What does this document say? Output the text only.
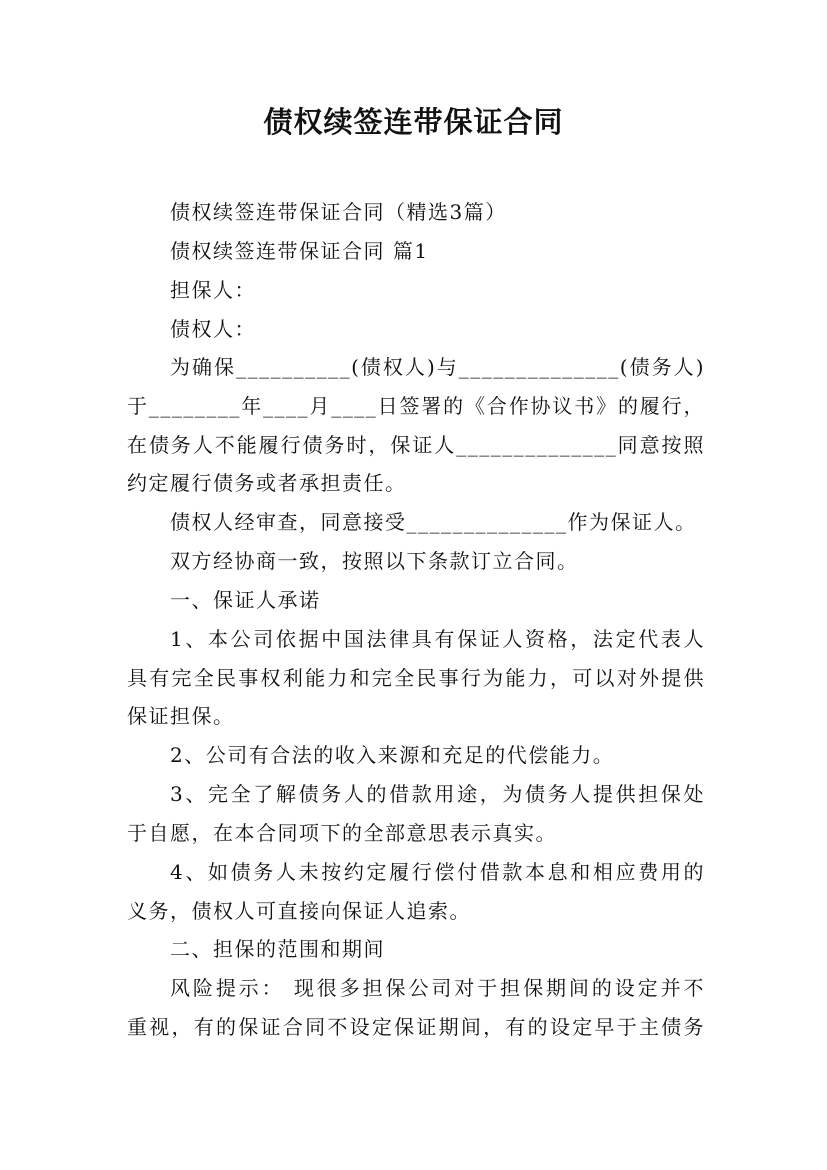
债权续签连带保证合同
债权续签连带保证合同（精选3篇）
债权续签连带保证合同 篇1
担保人：
债权人：
为确保__________(债权人)与______________(债务人)
于________年____月____日签署的《合作协议书》的履行，
在债务人不能履行债务时，保证人______________同意按照
约定履行债务或者承担责任。
债权人经审查，同意接受______________作为保证人。
双方经协商一致，按照以下条款订立合同。
一、保证人承诺
1、本公司依据中国法律具有保证人资格，法定代表人
具有完全民事权利能力和完全民事行为能力，可以对外提供
保证担保。
2、公司有合法的收入来源和充足的代偿能力。
3、完全了解债务人的借款用途，为债务人提供担保处
于自愿，在本合同项下的全部意思表示真实。
4、如债务人未按约定履行偿付借款本息和相应费用的
义务，债权人可直接向保证人追索。
二、担保的范围和期间
风险提示： 现很多担保公司对于担保期间的设定并不
重视，有的保证合同不设定保证期间，有的设定早于主债务
